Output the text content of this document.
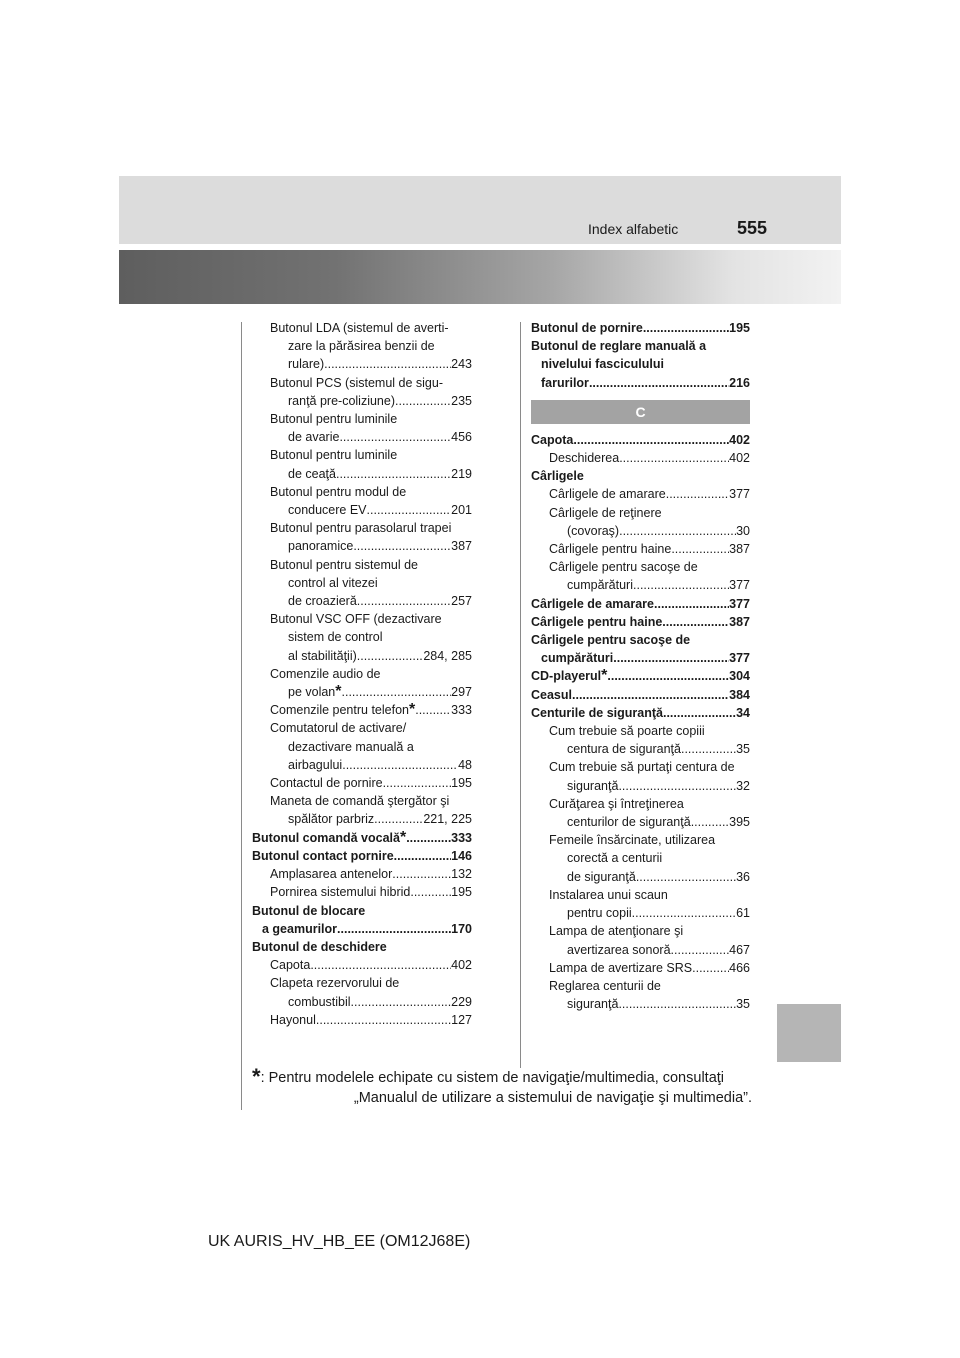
Index alfabetic	555
Butonul LDA (sistemul de averti-
zare la părăsirea benzii de
rulare) .....	243
Butonul PCS (sistemul de sigu-
ranţă pre-coliziune) .....	235
Butonul pentru luminile
de avarie .....	456
Butonul pentru luminile
de ceaţă .....	219
Butonul pentru modul de
conducere EV .....	201
Butonul pentru parasolarul trapei
panoramice .....	387
Butonul pentru sistemul de
control al vitezei
de croazieră .....	257
Butonul VSC OFF (dezactivare
sistem de control
al stabilităţii) .....	284, 285
Comenzile audio de
pe volan * .....	297
Comenzile pentru telefon * .....	333
Comutatorul de activare/
dezactivare manuală a
airbagului .....	48
Contactul de pornire .....	195
Maneta de comandă ştergător şi
spălător parbriz .....	221, 225
Butonul comandă vocală * .....	333
Butonul contact pornire .....	146
Amplasarea antenelor .....	132
Pornirea sistemului hibrid .....	195
Butonul de blocare
a geamurilor .....	170
Butonul de deschidere
Capota .....	402
Clapeta rezervorului de
combustibil .....	229
Hayonul .....	127
Butonul de pornire .....	195
Butonul de reglare manuală a
nivelului fasciculului
farurilor .....	216
C
Capota .....	402
Deschiderea .....	402
Cârligele
Cârligele de amarare .....	377
Cârligele de reţinere
(covoraş) .....	30
Cârligele pentru haine .....	387
Cârligele pentru sacoşe de
cumpărături .....	377
Cârligele de amarare .....	377
Cârligele pentru haine .....	387
Cârligele pentru sacoşe de
cumpărături .....	377
CD-playerul * .....	304
Ceasul .....	384
Centurile de siguranţă .....	34
Cum trebuie să poarte copiii
centura de siguranţă .....	35
Cum trebuie să purtaţi centura de
siguranţă .....	32
Curăţarea şi întreţinerea
centurilor de siguranţă .....	395
Femeile însărcinate, utilizarea
corectă a centurii
de siguranţă .....	36
Instalarea unui scaun
pentru copii .....	61
Lampa de atenţionare şi
avertizarea sonoră .....	467
Lampa de avertizare SRS .....	466
Reglarea centurii de
siguranţă .....	35
*: Pentru modelele echipate cu sistem de navigaţie/multimedia, consultaţi
„Manualul de utilizare a sistemului de navigaţie şi multimedia”.
UK AURIS_HV_HB_EE (OM12J68E)
